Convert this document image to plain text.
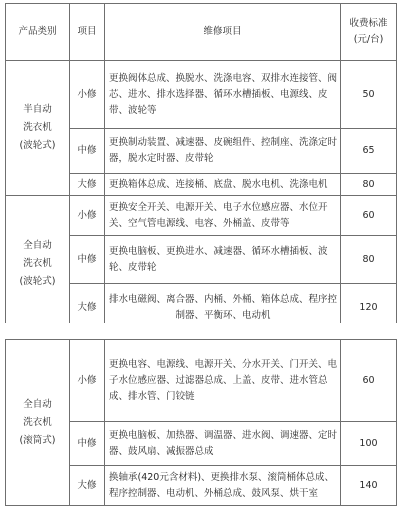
产品类别	项目	维修项目	收费标准
(元/台)

半自动
洗衣机
(波轮式)	小修	更换阀体总成、换脱水、洗涤电容、双排水连接管、阀芯、进水、排水选择器、循环水槽插板、电源线、皮带、波轮等	50
	中修	更换制动装置、减速器、皮碗组件、控制座、洗涤定时器，脱水定时器、皮带轮	65
	大修	更换箱体总成、连接桶、底盘、脱水电机、洗涤电机	80

全自动
洗衣机
(波轮式)	小修	更换安全开关、电源开关、电子水位感应器、水位开关、空气管电源线、电容、外桶盖、皮带等	60
	中修	更换电脑板、更换进水、减速器、循环水槽插板、波轮、皮带轮	80
	大修	排水电磁阀、离合器、内桶、外桶、箱体总成、程序控制器、平衡环、电动机	120
全自动
洗衣机
(滚筒式)	小修	更换电容、电源线、电源开关、分水开关、门开关、电子水位感应器、过滤器总成、上盖、皮带、进水管总成、排水管、门铰链	60
	中修	更换电脑板、加热器、调温器、进水阀、调速器、定时器、鼓风扇、减振器总成	100
	大修	换轴承(420元含材料)、更换排水泵、滚筒桶体总成、程序控制器、电动机、外桶总成、鼓风泵、烘干室	140
